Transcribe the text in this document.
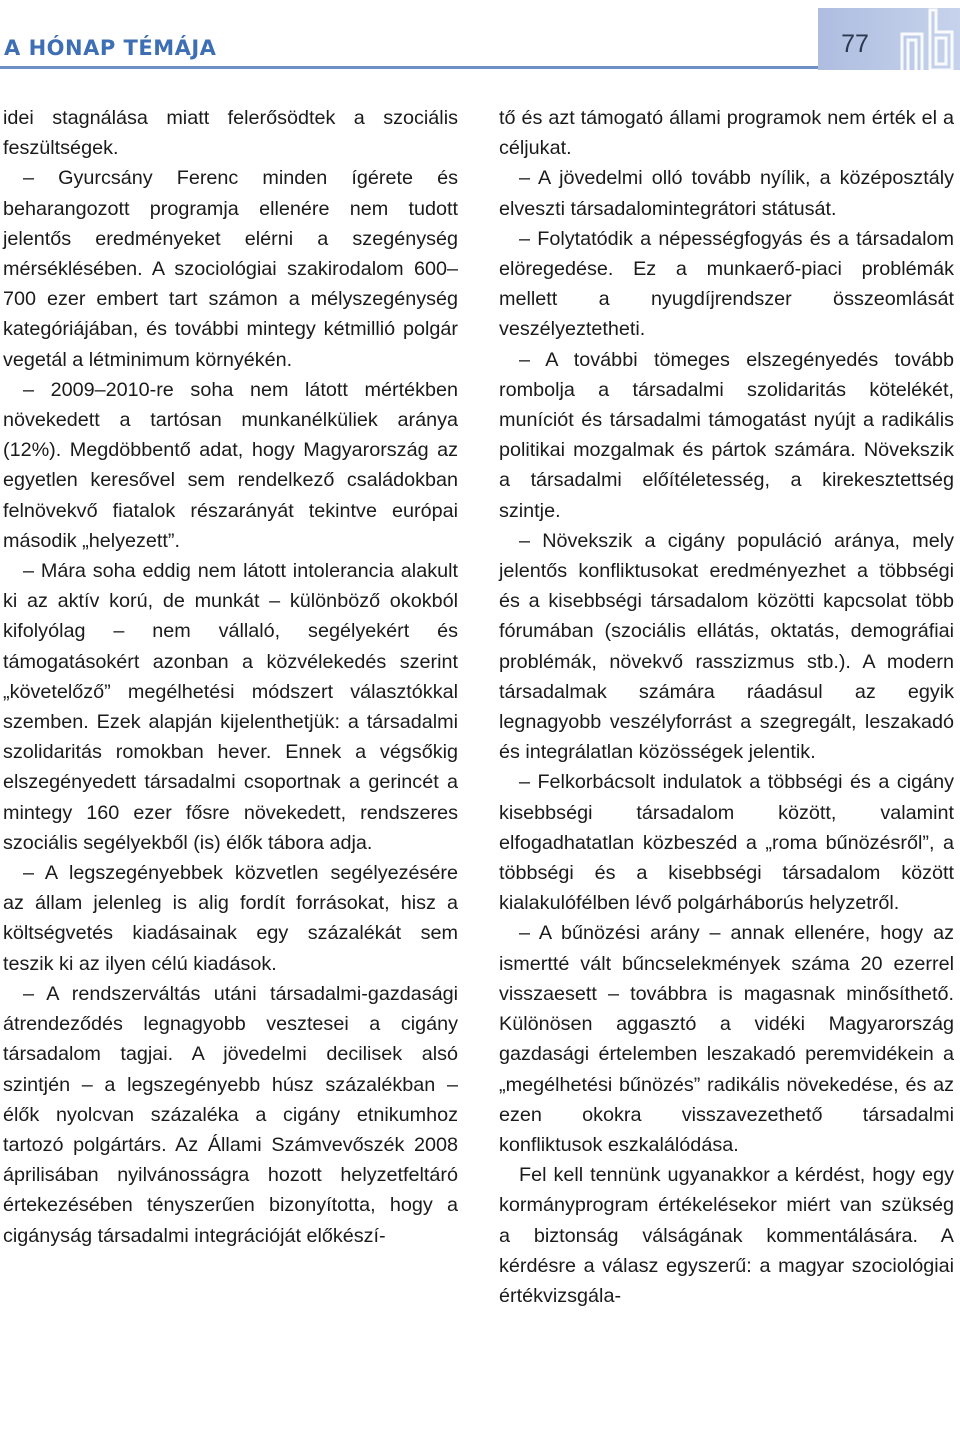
A HÓNAP TÉMÁJA	77

idei stagnálása miatt felerősödtek a szociális feszültségek.

– Gyurcsány Ferenc minden ígérete és beharangozott programja ellenére nem tudott jelentős eredményeket elérni a szegénység mérséklésében. A szociológiai szakirodalom 600–700 ezer embert tart számon a mélyszegénység kategóriájában, és további mintegy kétmillió polgár vegetál a létminimum környékén.

– 2009–2010-re soha nem látott mértékben növekedett a tartósan munkanélküliek aránya (12%). Megdöbbentő adat, hogy Magyarország az egyetlen keresővel sem rendelkező családokban felnövekvő fiatalok részarányát tekintve európai második „helyezett”.

– Mára soha eddig nem látott intolerancia alakult ki az aktív korú, de munkát – különböző okokból kifolyólag – nem vállaló, segélyekért és támogatásokért azonban a közvélekedés szerint „követelőző” megélhetési módszert választókkal szemben. Ezek alapján kijelenthetjük: a társadalmi szolidaritás romokban hever. Ennek a végsőkig elszegényedett társadalmi csoportnak a gerincét a mintegy 160 ezer fősre növekedett, rendszeres szociális segélyekből (is) élők tábora adja.

– A legszegényebbek közvetlen segélyezésére az állam jelenleg is alig fordít forrásokat, hisz a költségvetés kiadásainak egy százalékát sem teszik ki az ilyen célú kiadások.

– A rendszerváltás utáni társadalmi-gazdasági átrendeződés legnagyobb vesztesei a cigány társadalom tagjai. A jövedelmi decilisek alsó szintjén – a legszegényebb húsz százalékban – élők nyolcvan százaléka a cigány etnikumhoz tartozó polgártárs. Az Állami Számvevőszék 2008 áprilisában nyilvánosságra hozott helyzetfeltáró értekezésében tényszerűen bizonyította, hogy a cigányság társadalmi integrációját előkészí-

tő és azt támogató állami programok nem érték el a céljukat.

– A jövedelmi olló tovább nyílik, a középosztály elveszti társadalomintegrátori státusát.

– Folytatódik a népességfogyás és a társadalom elöregedése. Ez a munkaerő-piaci problémák mellett a nyugdíjrendszer összeomlását veszélyeztetheti.

– A további tömeges elszegényedés tovább rombolja a társadalmi szolidaritás kötelékét, muníciót és társadalmi támogatást nyújt a radikális politikai mozgalmak és pártok számára. Növekszik a társadalmi előítéletesség, a kirekesztettség szintje.

– Növekszik a cigány populáció aránya, mely jelentős konfliktusokat eredményezhet a többségi és a kisebbségi társadalom közötti kapcsolat több fórumában (szociális ellátás, oktatás, demográfiai problémák, növekvő rasszizmus stb.). A modern társadalmak számára ráadásul az egyik legnagyobb veszélyforrást a szegregált, leszakadó és integrálatlan közösségek jelentik.

– Felkorbácsolt indulatok a többségi és a cigány kisebbségi társadalom között, valamint elfogadhatatlan közbeszéd a „roma bűnözésről”, a többségi és a kisebbségi társadalom között kialakulófélben lévő polgárháborús helyzetről.

– A bűnözési arány – annak ellenére, hogy az ismertté vált bűncselekmények száma 20 ezerrel visszaesett – továbbra is magasnak minősíthető. Különösen aggasztó a vidéki Magyarország gazdasági értelemben leszakadó peremvidékein a „megélhetési bűnözés” radikális növekedése, és az ezen okokra visszavezethető társadalmi konfliktusok eszkalálódása.

Fel kell tennünk ugyanakkor a kérdést, hogy egy kormányprogram értékelésekor miért van szükség a biztonság válságának kommentálására. A kérdésre a válasz egyszerű: a magyar szociológiai értékvizsgála-
